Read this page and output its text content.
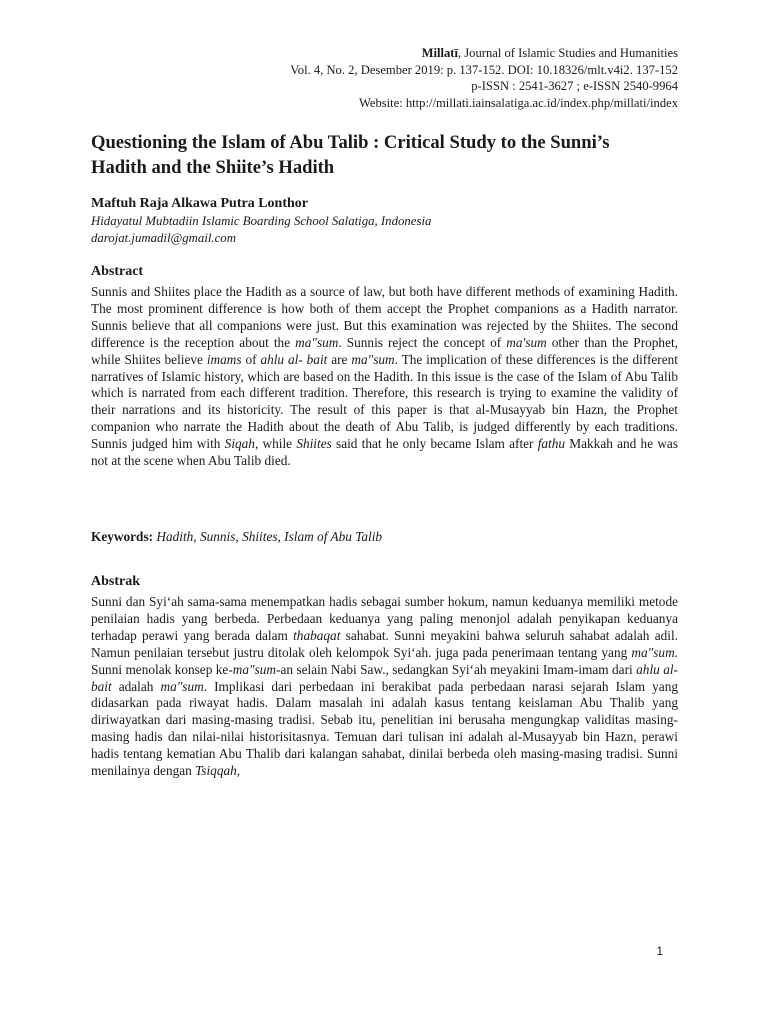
Millatī, Journal of Islamic Studies and Humanities
Vol. 4, No. 2, Desember 2019: p. 137-152. DOI: 10.18326/mlt.v4i2. 137-152
p-ISSN : 2541-3627 ; e-ISSN 2540-9964
Website: http://millati.iainsalatiga.ac.id/index.php/millati/index
Questioning the Islam of Abu Talib : Critical Study to the Sunni’s
Hadith and the Shiite’s Hadith
Maftuh Raja Alkawa Putra Lonthor
Hidayatul Mubtadiin Islamic Boarding School Salatiga, Indonesia
darojat.jumadil@gmail.com
Abstract

Sunnis and Shiites place the Hadith as a source of law, but both have different methods of examining Hadith. The most prominent difference is how both of them accept the Prophet companions as a Hadith narrator. Sunnis believe that all companions were just. But this examination was rejected by the Shiites. The second difference is the reception about the ma"sum. Sunnis reject the concept of ma'sum other than the Prophet, while Shiites believe imams of ahlu al- bait are ma"sum. The implication of these differences is the different narratives of Islamic history, which are based on the Hadith. In this issue is the case of the Islam of Abu Talib which is narrated from each different tradition. Therefore, this research is trying to examine the validity of their narrations and its historicity. The result of this paper is that al-Musayyab bin Hazn, the Prophet companion who narrate the Hadith about the death of Abu Talib, is judged differently by each traditions. Sunnis judged him with Siqah, while Shiites said that he only became Islam after fathu Makkah and he was not at the scene when Abu Talib died.

Keywords: Hadith, Sunnis, Shiites, Islam of Abu Talib
Abstrak

Sunni dan Syi‘ah sama-sama menempatkan hadis sebagai sumber hokum, namun keduanya memiliki metode penilaian hadis yang berbeda. Perbedaan keduanya yang paling menonjol adalah penyikapan keduanya terhadap perawi yang berada dalam thabaqat sahabat. Sunni meyakini bahwa seluruh sahabat adalah adil. Namun penilaian tersebut justru ditolak oleh kelompok Syi‘ah. juga pada penerimaan tentang yang ma"sum. Sunni menolak konsep ke-ma"sum-an selain Nabi Saw., sedangkan Syi‘ah meyakini Imam-imam dari ahlu al-bait adalah ma"sum. Implikasi dari perbedaan ini berakibat pada perbedaan narasi sejarah Islam yang didasarkan pada riwayat hadis. Dalam masalah ini adalah kasus tentang keislaman Abu Thalib yang diriwayatkan dari masing-masing tradisi. Sebab itu, penelitian ini berusaha mengungkap validitas masing-masing hadis dan nilai-nilai historisitasnya. Temuan dari tulisan ini adalah al-Musayyab bin Hazn, perawi hadis tentang kematian Abu Thalib dari kalangan sahabat, dinilai berbeda oleh masing-masing tradisi. Sunni menilainya dengan Tsiqqah,

1
